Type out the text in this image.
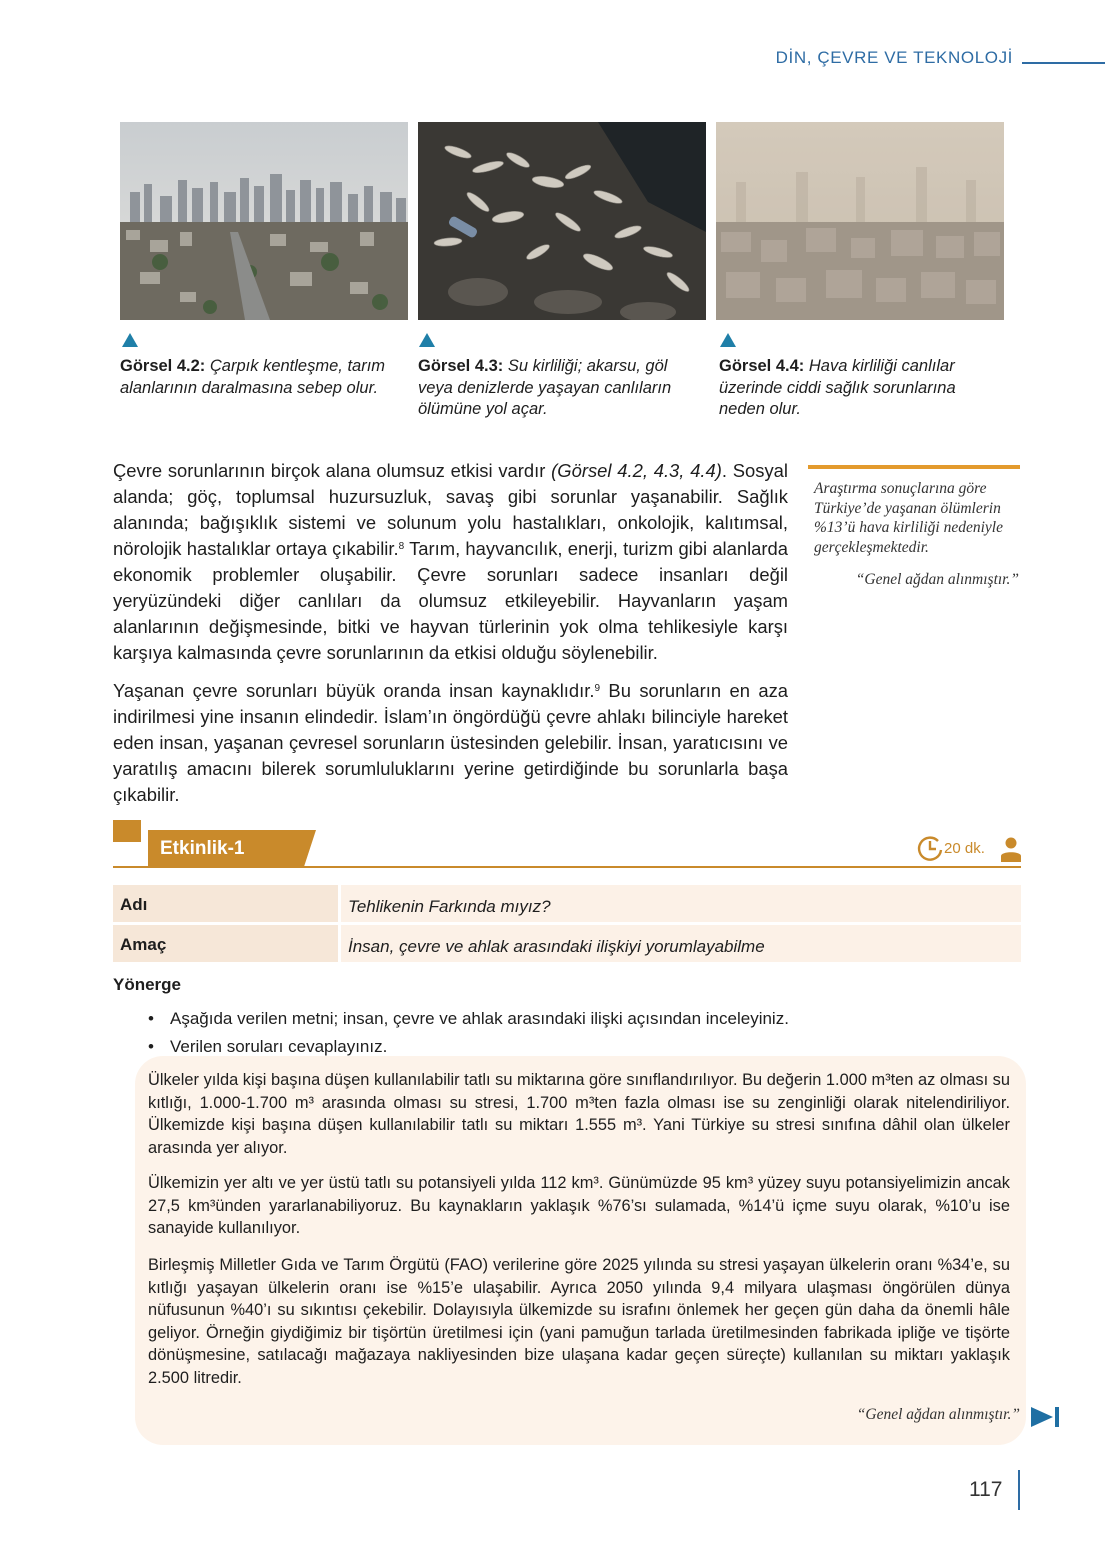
DİN, ÇEVRE VE TEKNOLOJİ
Görsel 4.2: Çarpık kentleşme, tarım alanlarının daralmasına sebep olur.
Görsel 4.3: Su kirliliği; akarsu, göl veya denizlerde yaşayan canlıların ölümüne yol açar.
Görsel 4.4: Hava kirliliği canlılar üzerinde ciddi sağlık sorunlarına neden olur.
Çevre sorunlarının birçok alana olumsuz etkisi vardır (Görsel 4.2, 4.3, 4.4). Sosyal alanda; göç, toplumsal huzursuzluk, savaş gibi sorunlar yaşanabilir. Sağlık alanında; bağışıklık sistemi ve solunum yolu hastalıkları, onkolojik, kalıtımsal, nörolojik hastalıklar ortaya çıkabilir.$^8$ Tarım, hayvancılık, enerji, turizm gibi alanlarda ekonomik problemler oluşabilir. Çevre sorunları sadece insanları değil yeryüzündeki diğer canlıları da olumsuz etkileyebilir. Hayvanların yaşam alanlarının değişmesinde, bitki ve hayvan türlerinin yok olma tehlikesiyle karşı karşıya kalmasında çevre sorunlarının da etkisi olduğu söylenebilir.
Yaşanan çevre sorunları büyük oranda insan kaynaklıdır.$^9$ Bu sorunların en aza indirilmesi yine insanın elindedir. İslam’ın öngördüğü çevre ahlakı bilinciyle hareket eden insan, yaşanan çevresel sorunların üstesinden gelebilir. İnsan, yaratıcısını ve yaratılış amacını bilerek sorumluluklarını yerine getirdiğinde bu sorunlarla başa çıkabilir.
Araştırma sonuçlarına göre Türkiye’de yaşanan ölümlerin %13’ü hava kirliliği nedeniyle gerçekleşmektedir.
“Genel ağdan alınmıştır.”
Etkinlik-1	20 dk.
Adı	Tehlikenin Farkında mıyız?
Amaç	İnsan, çevre ve ahlak arasındaki ilişkiyi yorumlayabilme
Yönerge
• Aşağıda verilen metni; insan, çevre ve ahlak arasındaki ilişki açısından inceleyiniz.
• Verilen soruları cevaplayınız.

Ülkeler yılda kişi başına düşen kullanılabilir tatlı su miktarına göre sınıflandırılıyor. Bu değerin 1.000 m³ten az olması su kıtlığı, 1.000-1.700 m³ arasında olması su stresi, 1.700 m³ten fazla olması ise su zenginliği olarak nitelendiriliyor. Ülkemizde kişi başına düşen kullanılabilir tatlı su miktarı 1.555 m³. Yani Türkiye su stresi sınıfına dâhil olan ülkeler arasında yer alıyor.

Ülkemizin yer altı ve yer üstü tatlı su potansiyeli yılda 112 km³. Günümüzde 95 km³ yüzey suyu potansiyelimizin ancak 27,5 km³ünden yararlanabiliyoruz. Bu kaynakların yaklaşık %76’sı sulamada, %14’ü içme suyu olarak, %10’u ise sanayide kullanılıyor.

Birleşmiş Milletler Gıda ve Tarım Örgütü (FAO) verilerine göre 2025 yılında su stresi yaşayan ülkelerin oranı %34’e, su kıtlığı yaşayan ülkelerin oranı ise %15’e ulaşabilir. Ayrıca 2050 yılında 9,4 milyara ulaşması öngörülen dünya nüfusunun %40’ı su sıkıntısı çekebilir. Dolayısıyla ülkemizde su israfını önlemek her geçen gün daha da önemli hâle geliyor. Örneğin giydiğimiz bir tişörtün üretilmesi için (yani pamuğun tarlada üretilmesinden fabrikada ipliğe ve tişörte dönüşmesine, satılacağı mağazaya nakliyesinden bize ulaşana kadar geçen süreçte) kullanılan su miktarı yaklaşık 2.500 litredir.

“Genel ağdan alınmıştır.”
117
